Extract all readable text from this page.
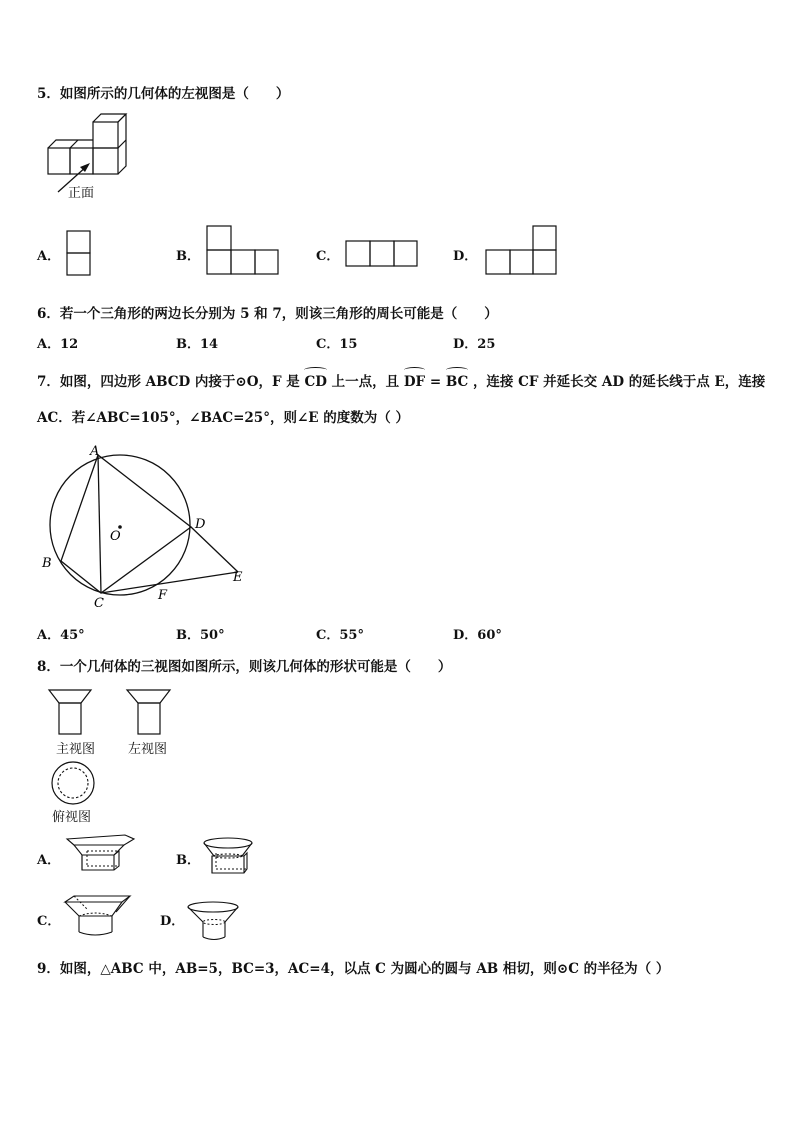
5．如图所示的几何体的左视图是（　　）
正面
A．	B．	C．	D．
6．若一个三角形的两边长分别为 5 和 7，则该三角形的周长可能是（　　）
A．12	B．14	C．15	D．25
7．如图，四边形 ABCD 内接于⊙O，F 是 CD 上一点，且 DF = BC ，连接 CF 并延长交 AD 的延长线于点 E，连接
AC．若∠ABC=105°，∠BAC=25°，则∠E 的度数为（ ）
A
B
C
D
E
F
O
A．45°	B．50°	C．55°	D．60°
8．一个几何体的三视图如图所示，则该几何体的形状可能是（　　）
主视图	左视图
俯视图
A．	B．
C．	D．
9．如图，△ABC 中，AB=5，BC=3，AC=4，以点 C 为圆心的圆与 AB 相切，则⊙C 的半径为（ ）
